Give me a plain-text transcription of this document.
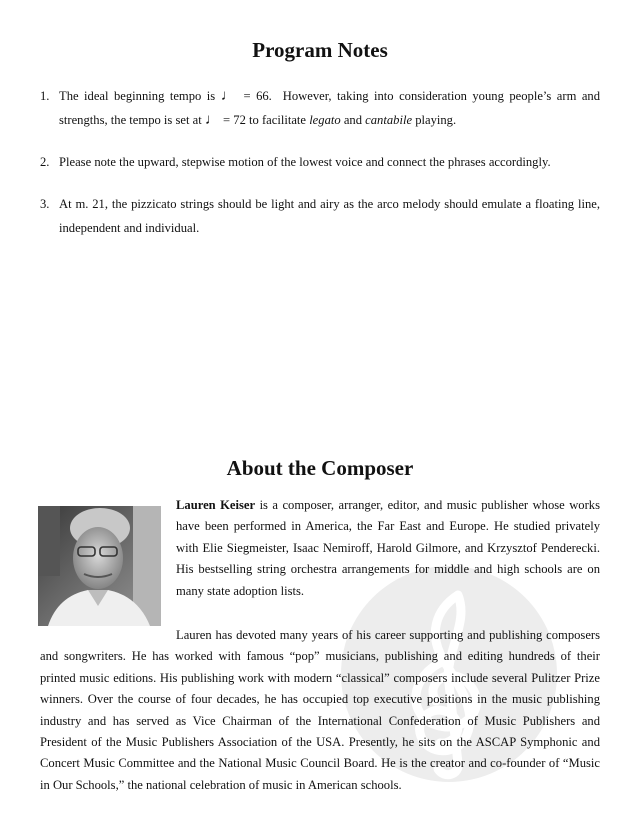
Program Notes
1. The ideal beginning tempo is ♩ = 66. However, taking into consideration young people’s arm and strengths, the tempo is set at ♩ = 72 to facilitate legato and cantabile playing.
2. Please note the upward, stepwise motion of the lowest voice and connect the phrases accordingly.
3. At m. 21, the pizzicato strings should be light and airy as the arco melody should emulate a floating line, independent and individual.
About the Composer

Lauren Keiser is a composer, arranger, editor, and music publisher whose works have been performed in America, the Far East and Europe. He studied privately with Elie Siegmeister, Isaac Nemiroff, Harold Gilmore, and Krzysztof Penderecki. His bestselling string orchestra arrangements for middle and high schools are on many state adoption lists.

Lauren has devoted many years of his career supporting and publishing composers and songwriters. He has worked with famous “pop” musicians, publishing and editing hundreds of their printed music editions. His publishing work with modern “classical” composers include several Pulitzer Prize winners. Over the course of four decades, he has occupied top executive positions in the music publishing industry and has served as Vice Chairman of the International Confederation of Music Publishers and President of the Music Publishers Association of the USA. Presently, he sits on the ASCAP Symphonic and Concert Music Committee and the National Music Council Board. He is the creator and co-founder of “Music in Our Schools,” the national celebration of music in American schools.
